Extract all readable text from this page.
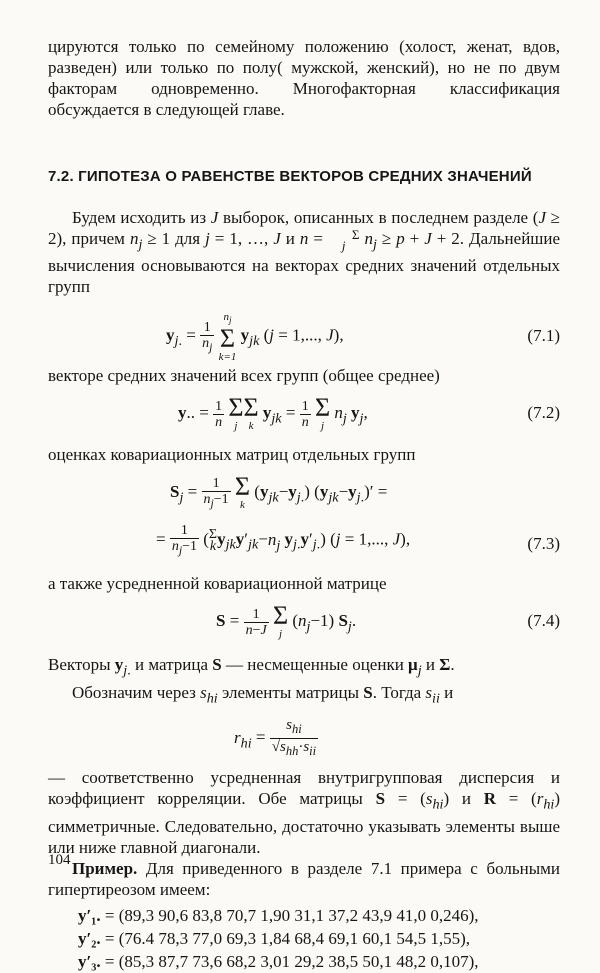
цируются только по семейному положению (холост, женат, вдов, разведен) или только по полу( мужской, женский), но не по двум факторам одновременно. Многофакторная классификация обсуждается в следующей главе.

7.2. ГИПОТЕЗА О РАВЕНСТВЕ ВЕКТОРОВ СРЕДНИХ ЗНАЧЕНИЙ

Будем исходить из J выборок, описанных в последнем разделе (J ≥ 2), причем $n_j \ge 1$ для j = 1, …, J и n = Σ
j $n_j \ge p + J + 2$. Дальнейшие вычисления основываются на векторах средних значений отдельных групп

$y_{j.} = \frac{1}{n_j}$

$n_j$
Σ
k=1
$y_{jk}$ (j = 1,..., J),	(7.1)

векторе средних значений всех групп (общее среднее)

y.. = $\frac{1}{n}$
Σ
j
Σ
k
$y_{jk} = \frac{1}{n}$
Σ
j
$n_j$ $y_j$,	(7.2)

оценках ковариационных матриц отдельных групп

$S_j = \frac{1}{n_j-1}$
Σ
k
$(y_{jk}-y_{j.}) (y_{jk}-y_{j.})'$ =
= $\frac{1}{n_j-1} (\Sigma$
$ky_{jk}y'_{jk}-n_j$ $y_{j.}y'_{j.}$) (j = 1,..., J),	(7.3)

а также усредненной ковариационной матрице

$S = \frac{1}{n-J}$
Σ
j
$(n_j-1)$ $S_j$.	(7.4)

Векторы $y_{j.}$ и матрица S — несмещенные оценки $\mu_j$ и Σ.

Обозначим через $s_{hi}$ элементы матрицы S. Тогда $s_{ii}$ и

$r_{hi} = \frac{s_{hi}}{√s_{hh}\cdot s_{ii}}$

— соответственно усредненная внутригрупповая дисперсия и коэффициент корреляции. Обе матрицы $S = (s_{hi})$ и $R = (r_{hi})$ симметричные. Следовательно, достаточно указывать элементы выше или ниже главной диагонали.

Пример. Для приведенного в разделе 7.1 примера с больными гипертиреозом имеем:

y′₁. = (89,3 90,6 83,8 70,7 1,90 31,1 37,2 43,9 41,0 0,246),
y′₂. = (76.4 78,3 77,0 69,3 1,84 68,4 69,1 60,1 54,5 1,55),
y′₃. = (85,3 87,7 73,6 68,2 3,01 29,2 38,5 50,1 48,2 0,107),
104
